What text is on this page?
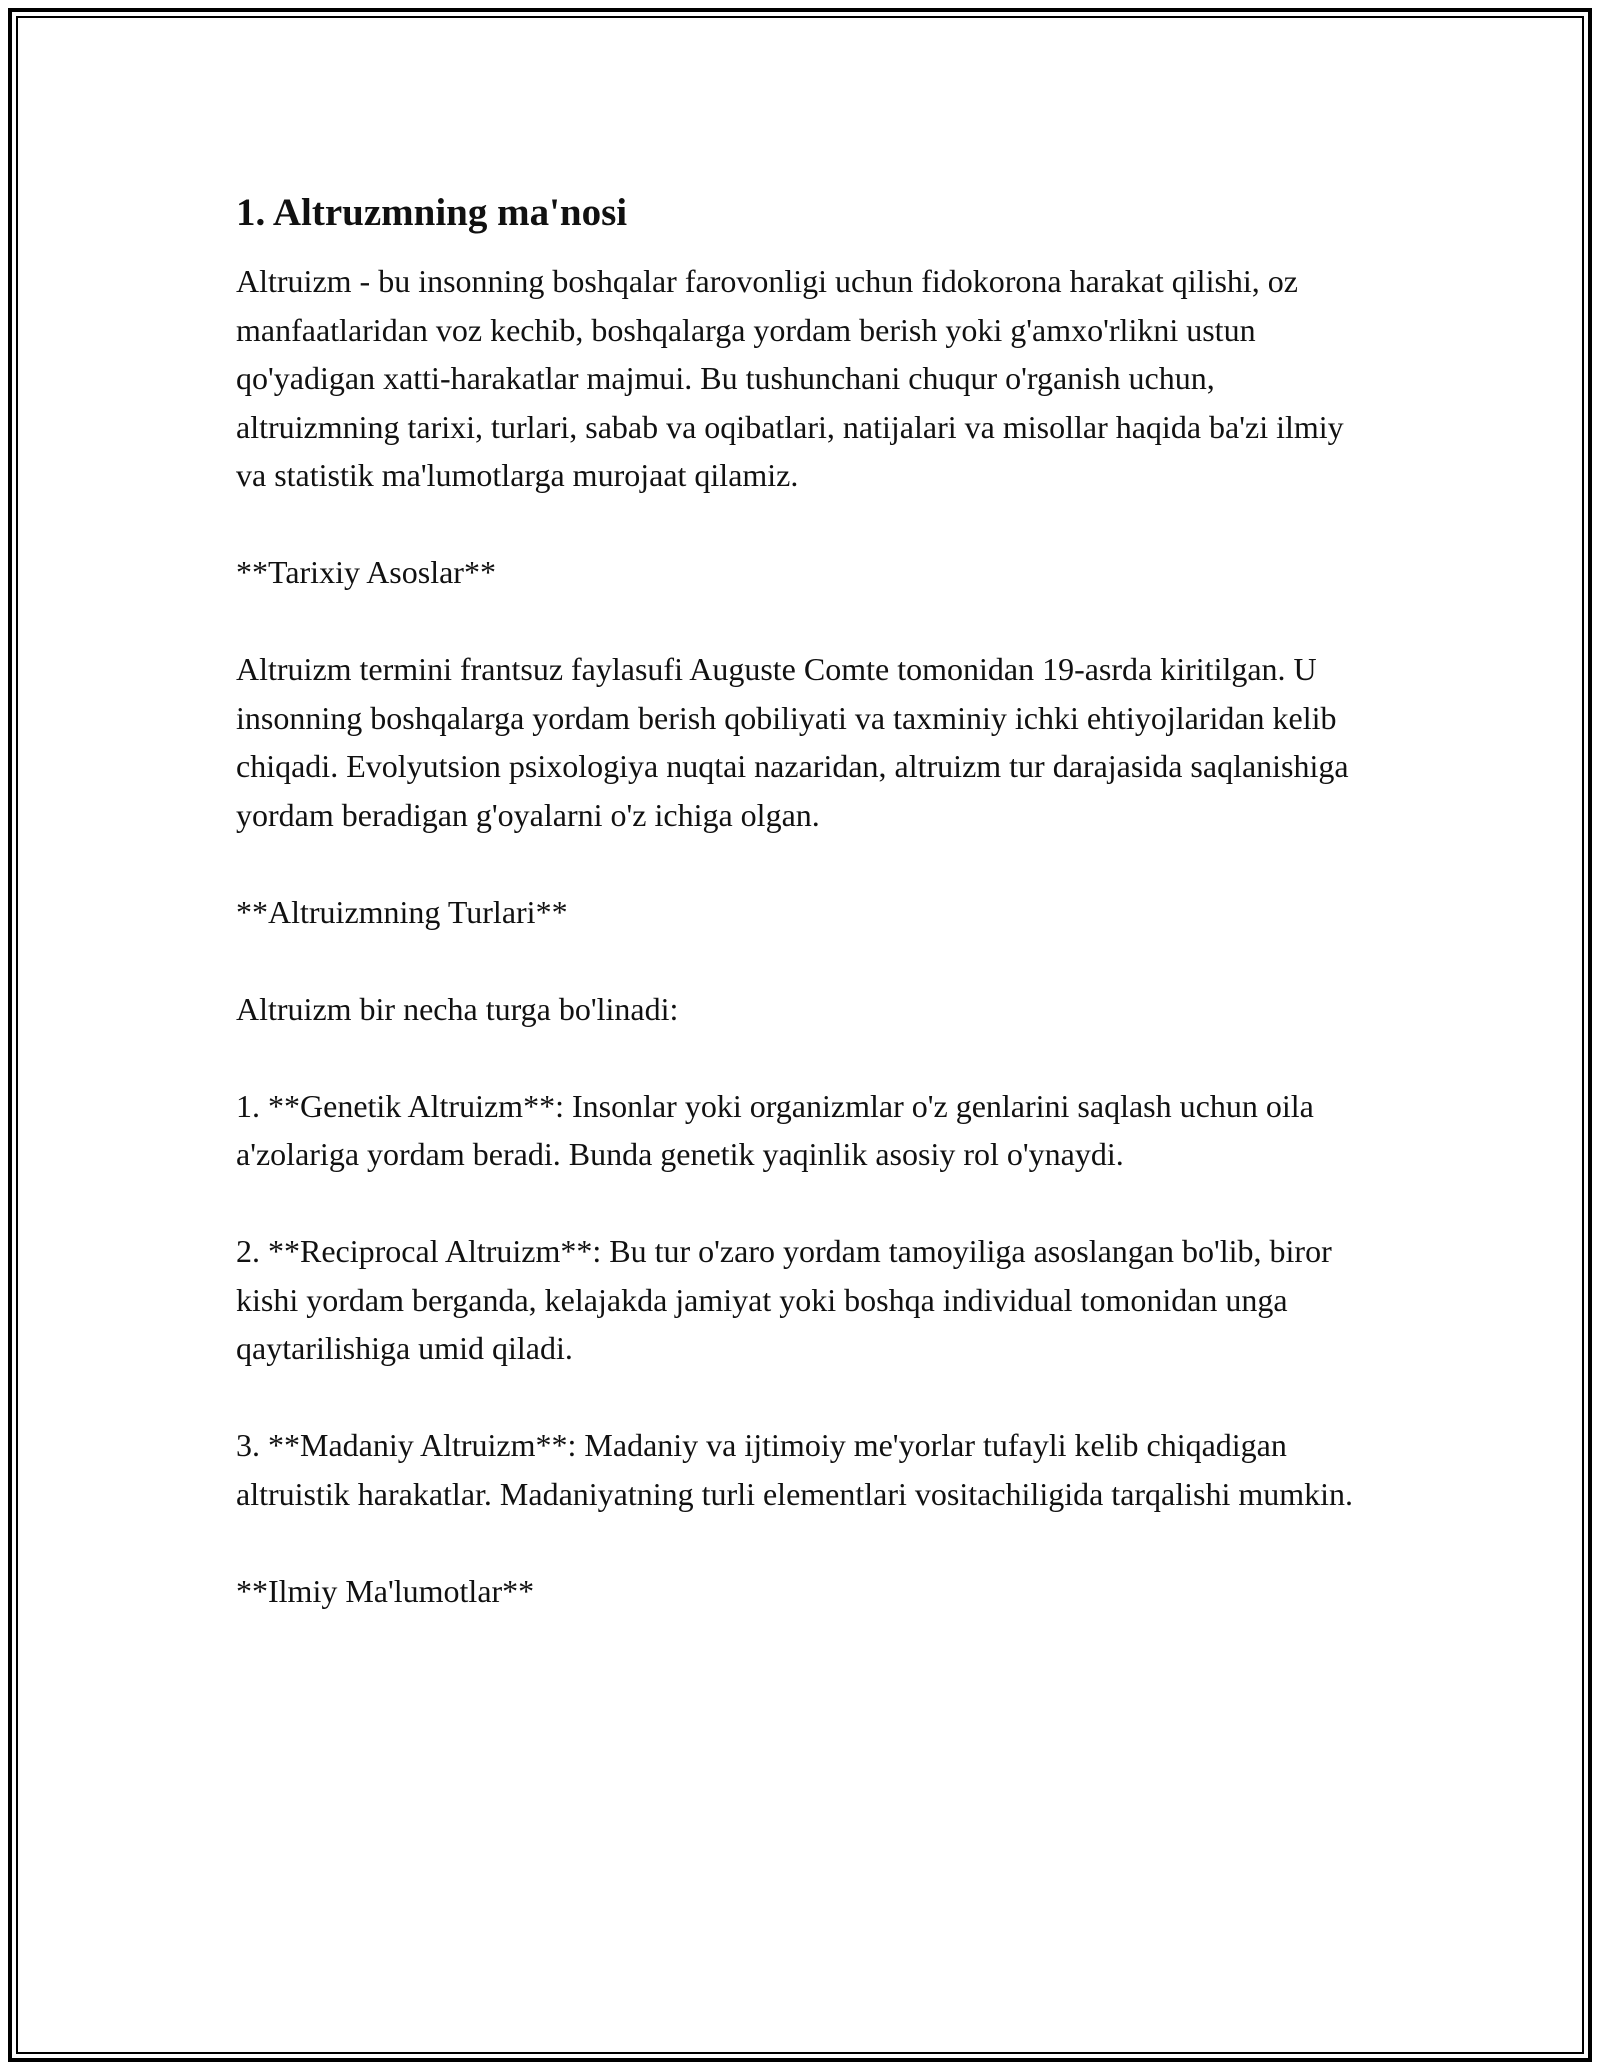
1. Altruzmning ma'nosi

Altruizm - bu insonning boshqalar farovonligi uchun fidokorona harakat qilishi, oz manfaatlaridan voz kechib, boshqalarga yordam berish yoki g'amxo'rlikni ustun qo'yadigan xatti-harakatlar majmui. Bu tushunchani chuqur o'rganish uchun, altruizmning tarixi, turlari, sabab va oqibatlari, natijalari va misollar haqida ba'zi ilmiy va statistik ma'lumotlarga murojaat qilamiz.

**Tarixiy Asoslar**

Altruizm termini frantsuz faylasufi Auguste Comte tomonidan 19-asrda kiritilgan. U insonning boshqalarga yordam berish qobiliyati va taxminiy ichki ehtiyojlaridan kelib chiqadi. Evolyutsion psixologiya nuqtai nazaridan, altruizm tur darajasida saqlanishiga yordam beradigan g'oyalarni o'z ichiga olgan.

**Altruizmning Turlari**

Altruizm bir necha turga bo'linadi:

1. **Genetik Altruizm**: Insonlar yoki organizmlar o'z genlarini saqlash uchun oila a'zolariga yordam beradi. Bunda genetik yaqinlik asosiy rol o'ynaydi.

2. **Reciprocal Altruizm**: Bu tur o'zaro yordam tamoyiliga asoslangan bo'lib, biror kishi yordam berganda, kelajakda jamiyat yoki boshqa individual tomonidan unga qaytarilishiga umid qiladi.

3. **Madaniy Altruizm**: Madaniy va ijtimoiy me'yorlar tufayli kelib chiqadigan altruistik harakatlar. Madaniyatning turli elementlari vositachiligida tarqalishi mumkin.

**Ilmiy Ma'lumotlar**
